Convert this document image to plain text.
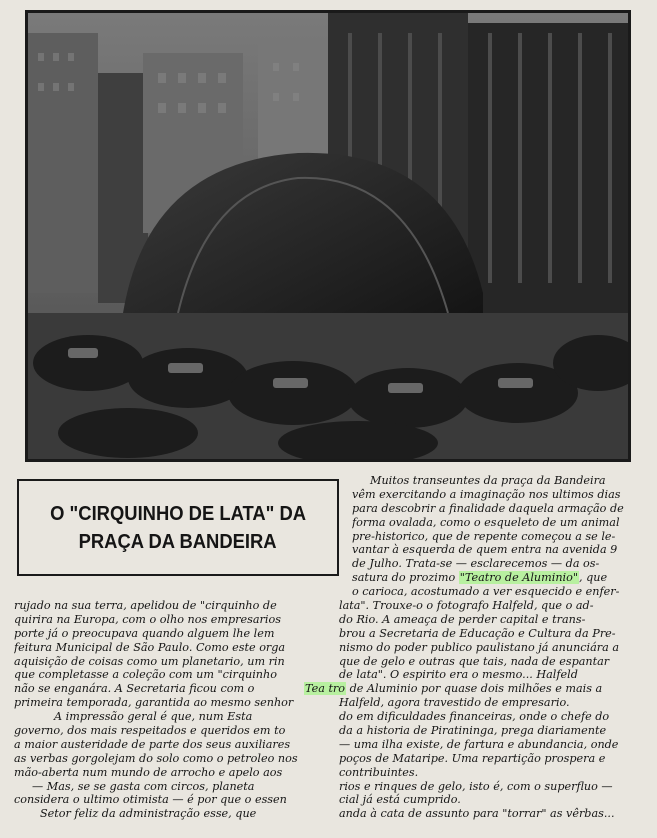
O "CIRQUINHO DE LATA" DA
PRAÇA DA BANDEIRA
Muitos transeuntes da praça da Bandeira
vêm exercitando a imaginação nos ultimos dias
para descobrir a finalidade daquela armação de
forma ovalada, como o esqueleto de um animal
pre-historico, que de repente começou a se le-
vantar à esquerda de quem entra na avenida 9
de Julho. Trata-se — esclarecemos — da os-
satura do prozimo "Teatro de Aluminio", que
o carioca, acostumado a ver esquecido e enfer-
rujado na sua terra, apelidou de "cirquinho de	lata". Trouxe-o o fotografo Halfeld, que o ad-
quirira na Europa, com o olho nos empresarios	do Rio. A ameaça de perder capital e trans-
porte já o preocupava quando alguem lhe lem	brou a Secretaria de Educação e Cultura da Pre-
feitura Municipal de São Paulo. Como este orga	nismo do poder publico paulistano já anunciára a
aquisição de coisas como um planetario, um rin	que de gelo e outras que tais, nada de espantar
que completasse a coleção com um "cirquinho	de lata". O espirito era o mesmo... Halfeld
não se enganára. A Secretaria ficou com o	Tea tro de Aluminio por quase dois milhões e mais a
primeira temporada, garantida ao mesmo senhor	Halfeld, agora travestido de empresario.
A impressão geral é que, num Esta	do em dificuldades financeiras, onde o chefe do
governo, dos mais respeitados e queridos em to	da a historia de Piratininga, prega diariamente
a maior austeridade de parte dos seus auxiliares	— uma ilha existe, de fartura e abundancia, onde
as verbas gorgolejam do solo como o petroleo nos	poços de Mataripe. Uma repartição prospera e
mão-aberta num mundo de arrocho e apelo aos	contribuintes.
— Mas, se se gasta com circos, planeta	rios e rinques de gelo, isto é, com o superfluo —
considera o ultimo otimista — é por que o essen	cial já está cumprido.
Setor feliz da administração esse, que	anda à cata de assunto para "torrar" as vêrbas...
